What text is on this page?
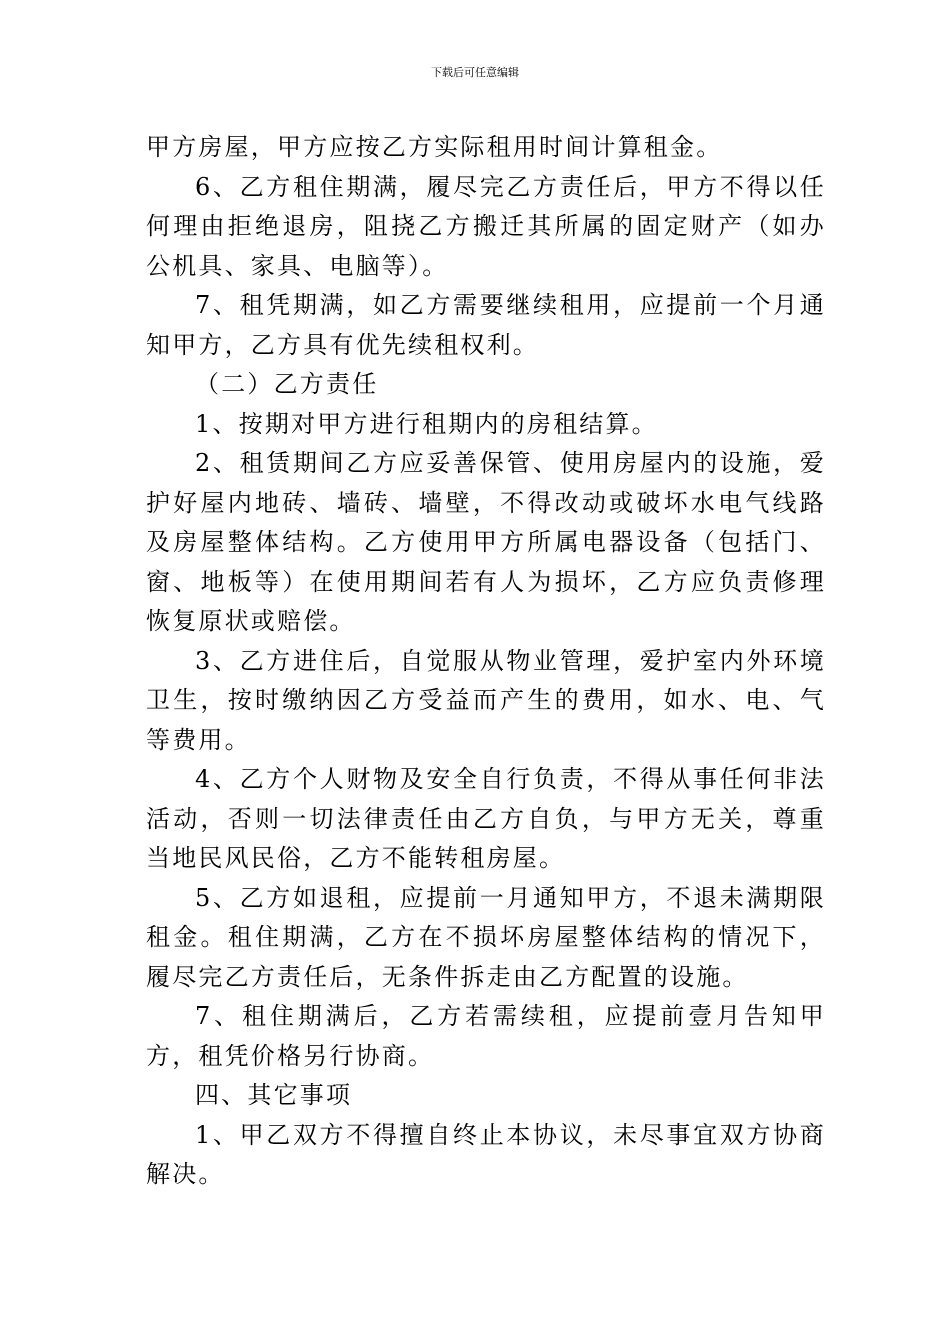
下载后可任意编辑

甲方房屋，甲方应按乙方实际租用时间计算租金。

6、乙方租住期满，履尽完乙方责任后，甲方不得以任何理由拒绝退房，阻挠乙方搬迁其所属的固定财产（如办公机具、家具、电脑等）。

7、租凭期满，如乙方需要继续租用，应提前一个月通知甲方，乙方具有优先续租权利。

（二）乙方责任

1、按期对甲方进行租期内的房租结算。

2、租赁期间乙方应妥善保管、使用房屋内的设施，爱护好屋内地砖、墙砖、墙壁，不得改动或破坏水电气线路及房屋整体结构。乙方使用甲方所属电器设备（包括门、窗、地板等）在使用期间若有人为损坏，乙方应负责修理恢复原状或赔偿。

3、乙方进住后，自觉服从物业管理，爱护室内外环境卫生，按时缴纳因乙方受益而产生的费用，如水、电、气等费用。

4、乙方个人财物及安全自行负责，不得从事任何非法活动，否则一切法律责任由乙方自负，与甲方无关，尊重当地民风民俗，乙方不能转租房屋。

5、乙方如退租，应提前一月通知甲方，不退未满期限租金。租住期满，乙方在不损坏房屋整体结构的情况下，履尽完乙方责任后，无条件拆走由乙方配置的设施。

7、租住期满后，乙方若需续租，应提前壹月告知甲方，租凭价格另行协商。

四、其它事项

1、甲乙双方不得擅自终止本协议，未尽事宜双方协商解决。
